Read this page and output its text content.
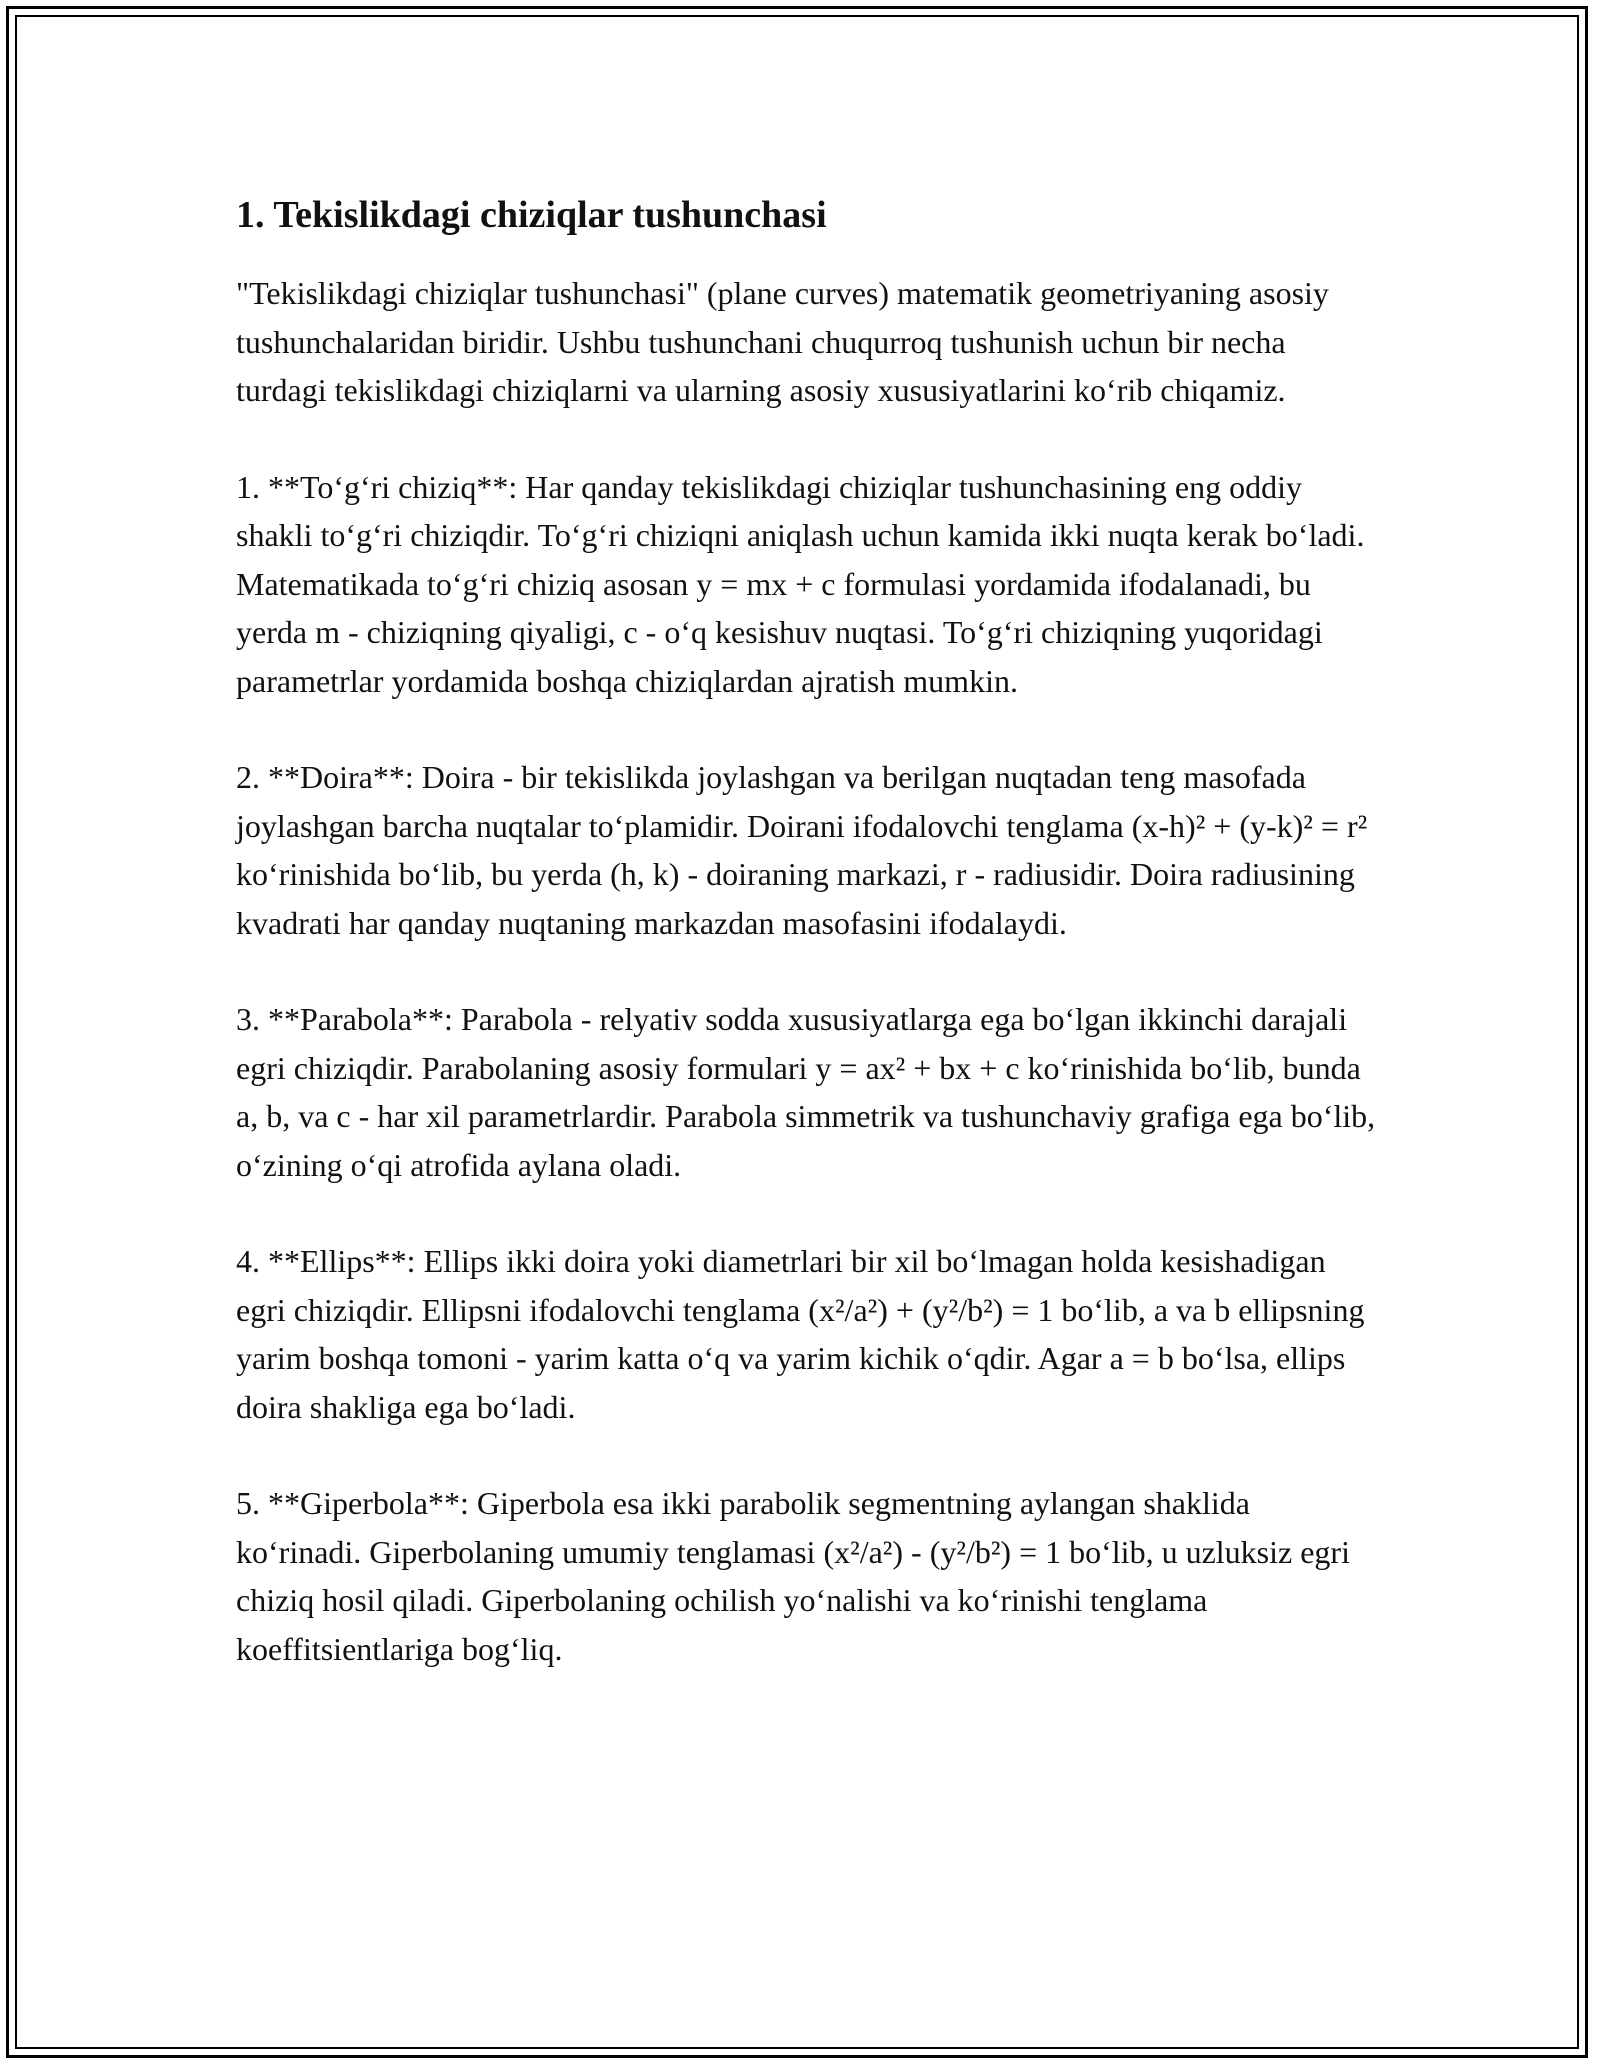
1. Tekislikdagi chiziqlar tushunchasi

"Tekislikdagi chiziqlar tushunchasi" (plane curves) matematik geometriyaning asosiy tushunchalaridan biridir. Ushbu tushunchani chuqurroq tushunish uchun bir necha turdagi tekislikdagi chiziqlarni va ularning asosiy xususiyatlarini ko‘rib chiqamiz.

1. **To‘g‘ri chiziq**: Har qanday tekislikdagi chiziqlar tushunchasining eng oddiy shakli to‘g‘ri chiziqdir. To‘g‘ri chiziqni aniqlash uchun kamida ikki nuqta kerak bo‘ladi. Matematikada to‘g‘ri chiziq asosan y = mx + c formulasi yordamida ifodalanadi, bu yerda m - chiziqning qiyaligi, c - o‘q kesishuv nuqtasi. To‘g‘ri chiziqning yuqoridagi parametrlar yordamida boshqa chiziqlardan ajratish mumkin.

2. **Doira**: Doira - bir tekislikda joylashgan va berilgan nuqtadan teng masofada joylashgan barcha nuqtalar to‘plamidir. Doirani ifodalovchi tenglama (x-h)² + (y-k)² = r² ko‘rinishida bo‘lib, bu yerda (h, k) - doiraning markazi, r - radiusidir. Doira radiusining kvadrati har qanday nuqtaning markazdan masofasini ifodalaydi.

3. **Parabola**: Parabola - relyativ sodda xususiyatlarga ega bo‘lgan ikkinchi darajali egri chiziqdir. Parabolaning asosiy formulari y = ax² + bx + c ko‘rinishida bo‘lib, bunda a, b, va c - har xil parametrlardir. Parabola simmetrik va tushunchaviy grafiga ega bo‘lib, o‘zining o‘qi atrofida aylana oladi.

4. **Ellips**: Ellips ikki doira yoki diametrlari bir xil bo‘lmagan holda kesishadigan egri chiziqdir. Ellipsni ifodalovchi tenglama (x²/a²) + (y²/b²) = 1 bo‘lib, a va b ellipsning yarim boshqa tomoni - yarim katta o‘q va yarim kichik o‘qdir. Agar a = b bo‘lsa, ellips doira shakliga ega bo‘ladi.

5. **Giperbola**: Giperbola esa ikki parabolik segmentning aylangan shaklida ko‘rinadi. Giperbolaning umumiy tenglamasi (x²/a²) - (y²/b²) = 1 bo‘lib, u uzluksiz egri chiziq hosil qiladi. Giperbolaning ochilish yo‘nalishi va ko‘rinishi tenglama koeffitsientlariga bog‘liq.
